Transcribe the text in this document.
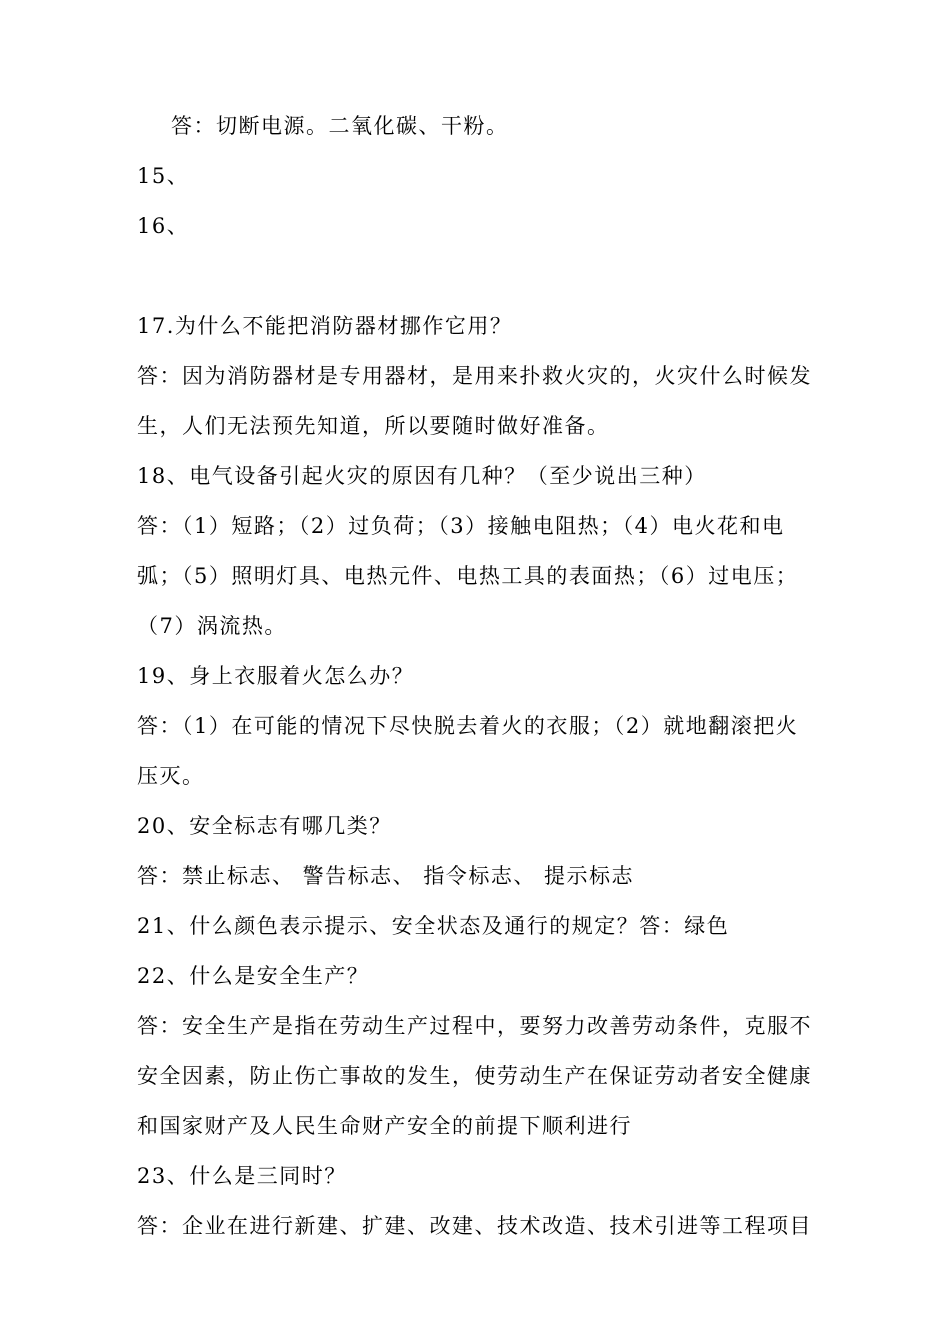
答：切断电源。二氧化碳、干粉。
15、
16、
17.为什么不能把消防器材挪作它用？
答：因为消防器材是专用器材，是用来扑救火灾的，火灾什么时候发
生，人们无法预先知道，所以要随时做好准备。
18、电气设备引起火灾的原因有几种？（至少说出三种）
答：（1）短路；（2）过负荷；（3）接触电阻热；（4）电火花和电
弧；（5）照明灯具、电热元件、电热工具的表面热；（6）过电压；
（7）涡流热。
19、身上衣服着火怎么办？
答：（1）在可能的情况下尽快脱去着火的衣服；（2）就地翻滚把火
压灭。
20、安全标志有哪几类？
答：禁止标志、 警告标志、 指令标志、 提示标志
21、什么颜色表示提示、安全状态及通行的规定？答：绿色
22、什么是安全生产？
答：安全生产是指在劳动生产过程中，要努力改善劳动条件，克服不
安全因素，防止伤亡事故的发生，使劳动生产在保证劳动者安全健康
和国家财产及人民生命财产安全的前提下顺利进行
23、什么是三同时？
答：企业在进行新建、扩建、改建、技术改造、技术引进等工程项目
